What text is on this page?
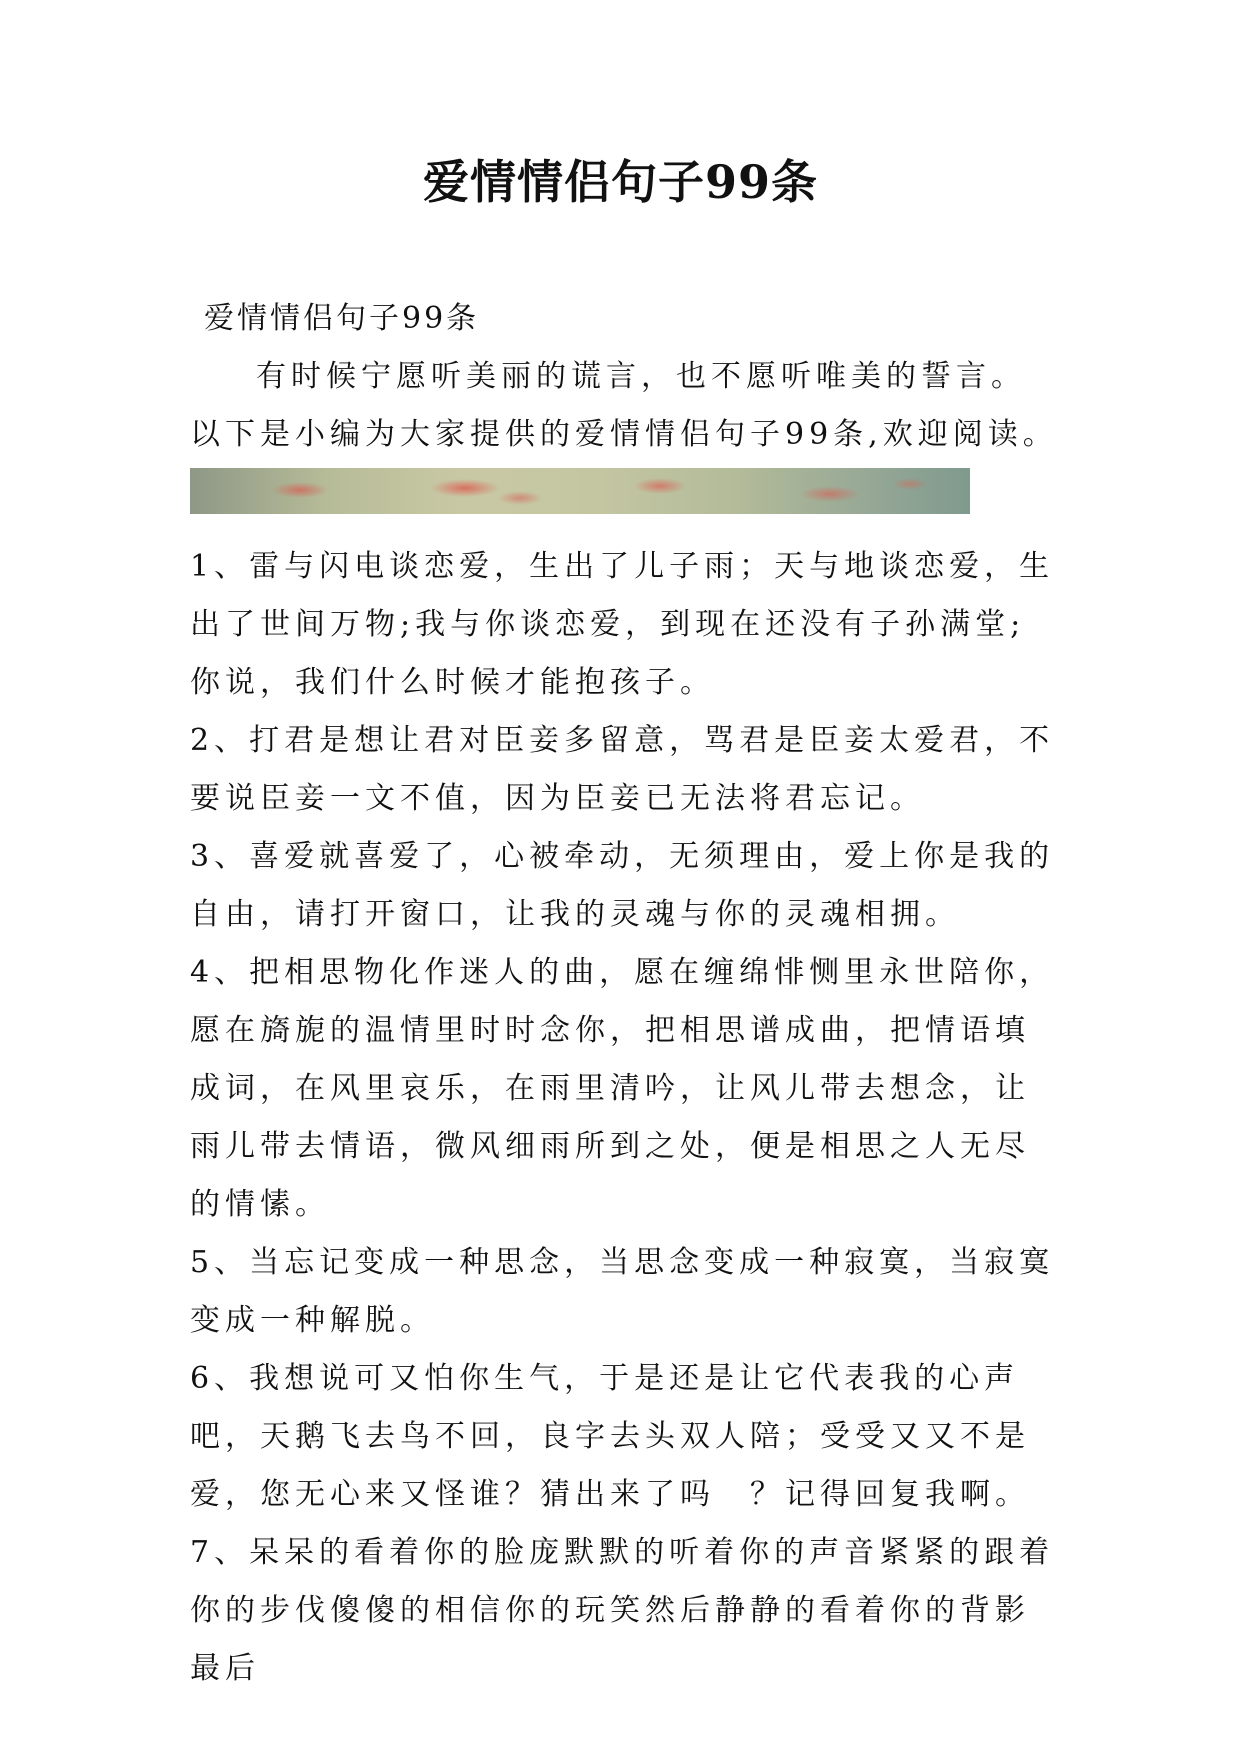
爱情情侣句子99条

爱情情侣句子99条

有时候宁愿听美丽的谎言，也不愿听唯美的誓言。以下是小编为大家提供的爱情情侣句子99条,欢迎阅读。

1、雷与闪电谈恋爱，生出了儿子雨；天与地谈恋爱，生出了世间万物;我与你谈恋爱，到现在还没有子孙满堂;你说，我们什么时候才能抱孩子。

2、打君是想让君对臣妾多留意，骂君是臣妾太爱君，不要说臣妾一文不值，因为臣妾已无法将君忘记。

3、喜爱就喜爱了，心被牵动，无须理由，爱上你是我的自由，请打开窗口，让我的灵魂与你的灵魂相拥。

4、把相思物化作迷人的曲，愿在缠绵悱恻里永世陪你，愿在旖旎的温情里时时念你，把相思谱成曲，把情语填成词，在风里哀乐，在雨里清吟，让风儿带去想念，让雨儿带去情语，微风细雨所到之处，便是相思之人无尽的情愫。

5、当忘记变成一种思念，当思念变成一种寂寞，当寂寞变成一种解脱。

6、我想说可又怕你生气，于是还是让它代表我的心声吧，天鹅飞去鸟不回，良字去头双人陪；受受又又不是爱，您无心来又怪谁？猜出来了吗　？记得回复我啊。

7、呆呆的看着你的脸庞默默的听着你的声音紧紧的跟着你的步伐傻傻的相信你的玩笑然后静静的看着你的背影最后
